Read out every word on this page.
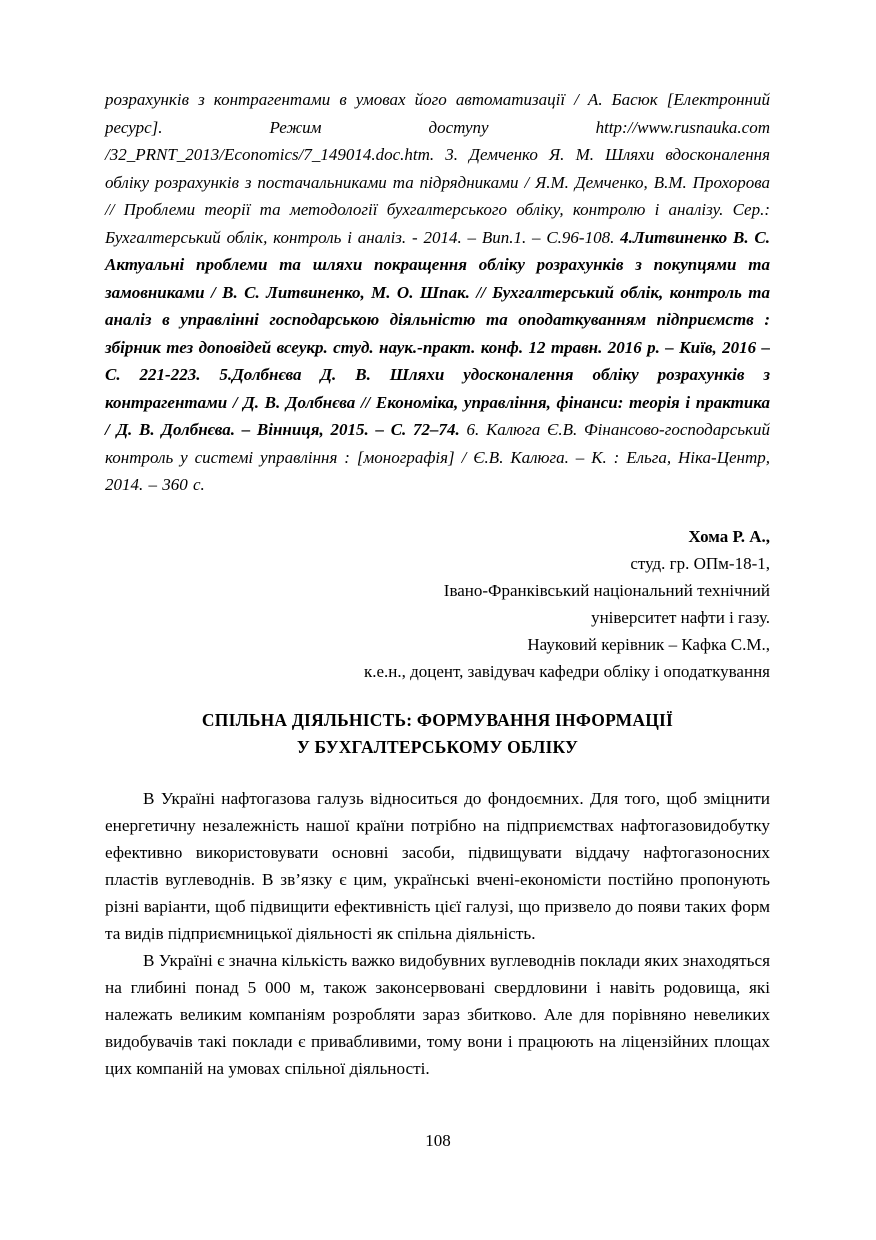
розрахунків з контрагентами в умовах його автоматизації / А. Басюк [Електронний ресурс]. Режим доступу http://www.rusnauka.com /32_PRNT_2013/Economics/7_149014.doc.htm. 3. Демченко Я. М. Шляхи вдосконалення обліку розрахунків з постачальниками та підрядниками / Я.М. Демченко, В.М. Прохорова // Проблеми теорії та методології бухгалтерського обліку, контролю і аналізу. Сер.: Бухгалтерський облік, контроль і аналіз. - 2014. – Вип.1. – С.96-108. 4.Литвиненко В. С. Актуальні проблеми та шляхи покращення обліку розрахунків з покупцями та замовниками / В. С. Литвиненко, М. О. Шпак. // Бухгалтерський облік, контроль та аналіз в управлінні господарською діяльністю та оподаткуванням підприємств : збірник тез доповідей всеукр. студ. наук.-практ. конф. 12 травн. 2016 р. – Київ, 2016 – С. 221-223. 5.Долбнєва Д. В. Шляхи удосконалення обліку розрахунків з контрагентами / Д. В. Долбнєва // Економіка, управління, фінанси: теорія і практика / Д. В. Долбнєва. – Вінниця, 2015. – С. 72–74. 6. Калюга Є.В. Фінансово-господарський контроль у системі управління : [монографія] / Є.В. Калюга. – К. : Ельга, Ніка-Центр, 2014. – 360 с.

Хома Р. А.,
студ. гр. ОПм-18-1,
Івано-Франківський національний технічний
університет нафти і газу.
Науковий керівник – Кафка С.М.,
к.е.н., доцент, завідувач кафедри обліку і оподаткування
СПІЛЬНА ДІЯЛЬНІСТЬ: ФОРМУВАННЯ ІНФОРМАЦІЇ
У БУХГАЛТЕРСЬКОМУ ОБЛІКУ

В Україні нафтогазова галузь відноситься до фондоємних. Для того, щоб зміцнити енергетичну незалежність нашої країни потрібно на підприємствах нафтогазовидобутку ефективно використовувати основні засоби, підвищувати віддачу нафтогазоносних пластів вуглеводнів. В зв’язку є цим, українські вчені-економісти постійно пропонують різні варіанти, щоб підвищити ефективність цієї галузі, що призвело до появи таких форм та видів підприємницької діяльності як спільна діяльність.

В Україні є значна кількість важко видобувних вуглеводнів поклади яких знаходяться на глибині понад 5 000 м, також законсервовані свердловини і навіть родовища, які належать великим компаніям розробляти зараз збитково. Але для порівняно невеликих видобувачів такі поклади є привабливими, тому вони і працюють на ліцензійних площах цих компаній на умовах спільної діяльності.

108
